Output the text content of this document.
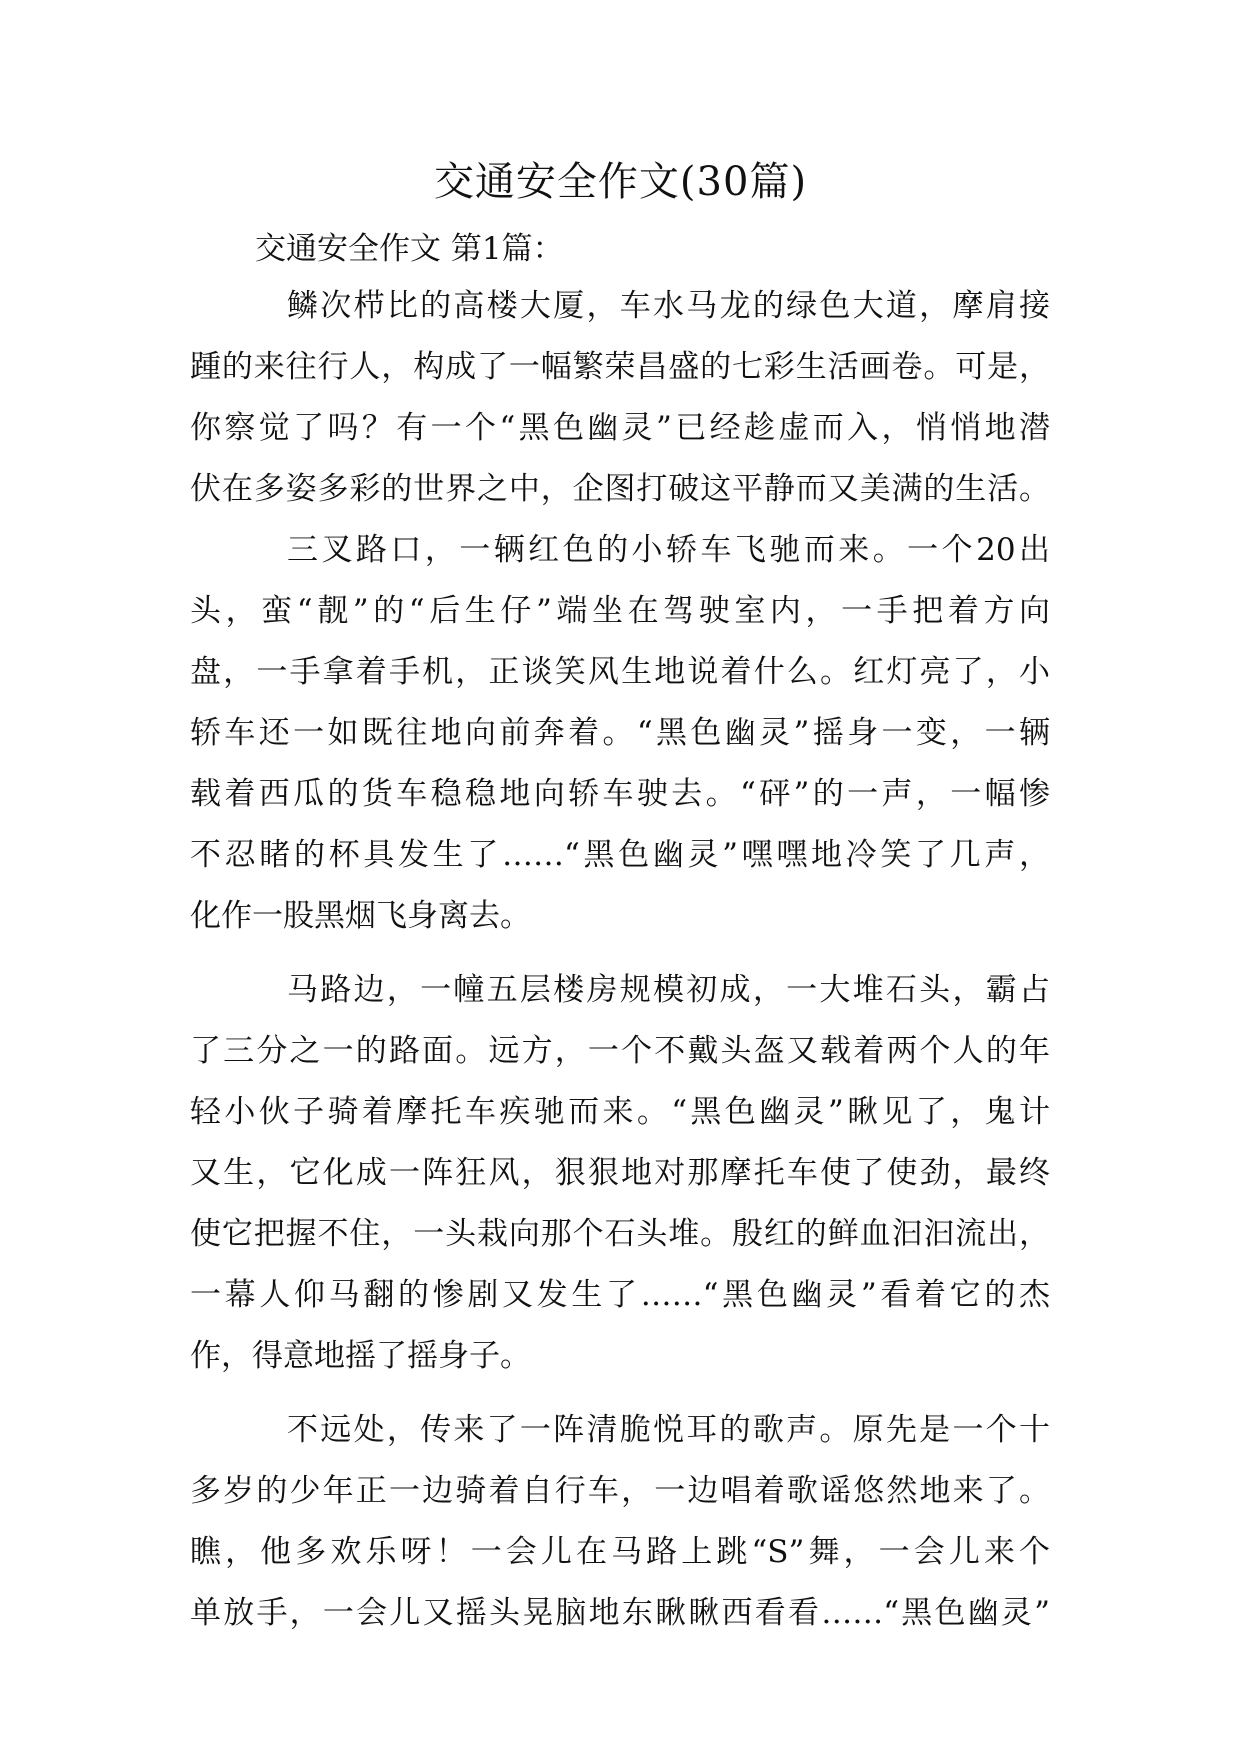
交通安全作文(30篇)

交通安全作文 第1篇：

鳞次栉比的高楼大厦，车水马龙的绿色大道，摩肩接
踵的来往行人，构成了一幅繁荣昌盛的七彩生活画卷。可是，
你察觉了吗？有一个“黑色幽灵”已经趁虚而入，悄悄地潜
伏在多姿多彩的世界之中，企图打破这平静而又美满的生活。
三叉路口，一辆红色的小轿车飞驰而来。一个20出
头，蛮“靓”的“后生仔”端坐在驾驶室内，一手把着方向
盘，一手拿着手机，正谈笑风生地说着什么。红灯亮了，小
轿车还一如既往地向前奔着。“黑色幽灵”摇身一变，一辆
载着西瓜的货车稳稳地向轿车驶去。“砰”的一声，一幅惨
不忍睹的杯具发生了……“黑色幽灵”嘿嘿地冷笑了几声，
化作一股黑烟飞身离去。
马路边，一幢五层楼房规模初成，一大堆石头，霸占
了三分之一的路面。远方，一个不戴头盔又载着两个人的年
轻小伙子骑着摩托车疾驰而来。“黑色幽灵”瞅见了，鬼计
又生，它化成一阵狂风，狠狠地对那摩托车使了使劲，最终
使它把握不住，一头栽向那个石头堆。殷红的鲜血汩汩流出，
一幕人仰马翻的惨剧又发生了……“黑色幽灵”看着它的杰
作，得意地摇了摇身子。
不远处，传来了一阵清脆悦耳的歌声。原先是一个十
多岁的少年正一边骑着自行车，一边唱着歌谣悠然地来了。
瞧，他多欢乐呀！一会儿在马路上跳“S”舞，一会儿来个
单放手，一会儿又摇头晃脑地东瞅瞅西看看……“黑色幽灵”
